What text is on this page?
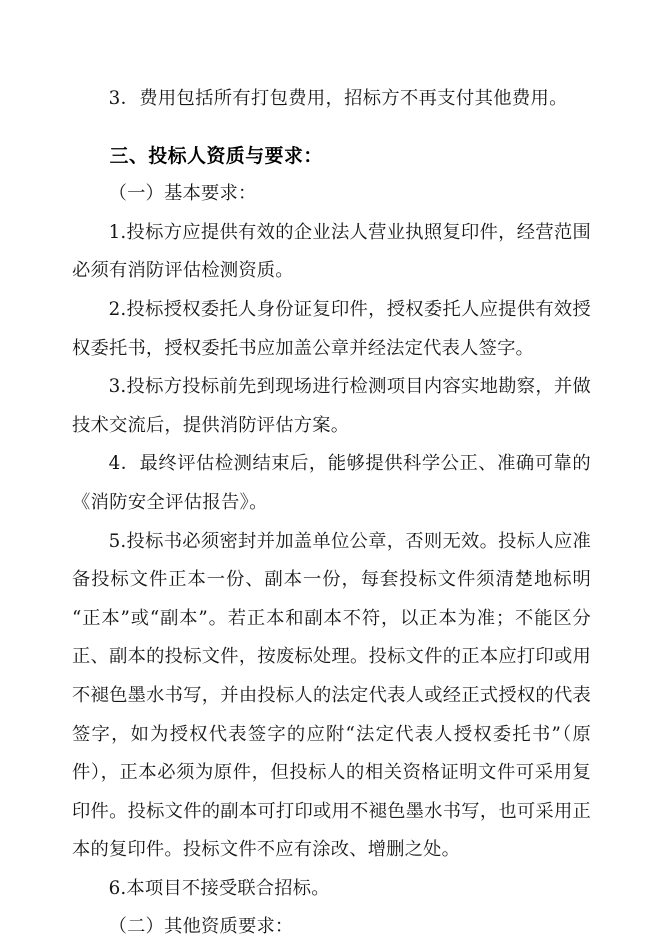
3．费用包括所有打包费用，招标方不再支付其他费用。

三、投标人资质与要求：

（一）基本要求：

1.投标方应提供有效的企业法人营业执照复印件，经营范围必须有消防评估检测资质。

2.投标授权委托人身份证复印件，授权委托人应提供有效授权委托书，授权委托书应加盖公章并经法定代表人签字。

3.投标方投标前先到现场进行检测项目内容实地勘察，并做技术交流后，提供消防评估方案。

4．最终评估检测结束后，能够提供科学公正、准确可靠的《消防安全评估报告》。

5.投标书必须密封并加盖单位公章，否则无效。投标人应准备投标文件正本一份、副本一份，每套投标文件须清楚地标明“正本”或“副本”。若正本和副本不符，以正本为准；不能区分正、副本的投标文件，按废标处理。投标文件的正本应打印或用不褪色墨水书写，并由投标人的法定代表人或经正式授权的代表签字，如为授权代表签字的应附“法定代表人授权委托书”（原件），正本必须为原件，但投标人的相关资格证明文件可采用复印件。投标文件的副本可打印或用不褪色墨水书写，也可采用正本的复印件。投标文件不应有涂改、增删之处。

6.本项目不接受联合招标。

（二）其他资质要求：
